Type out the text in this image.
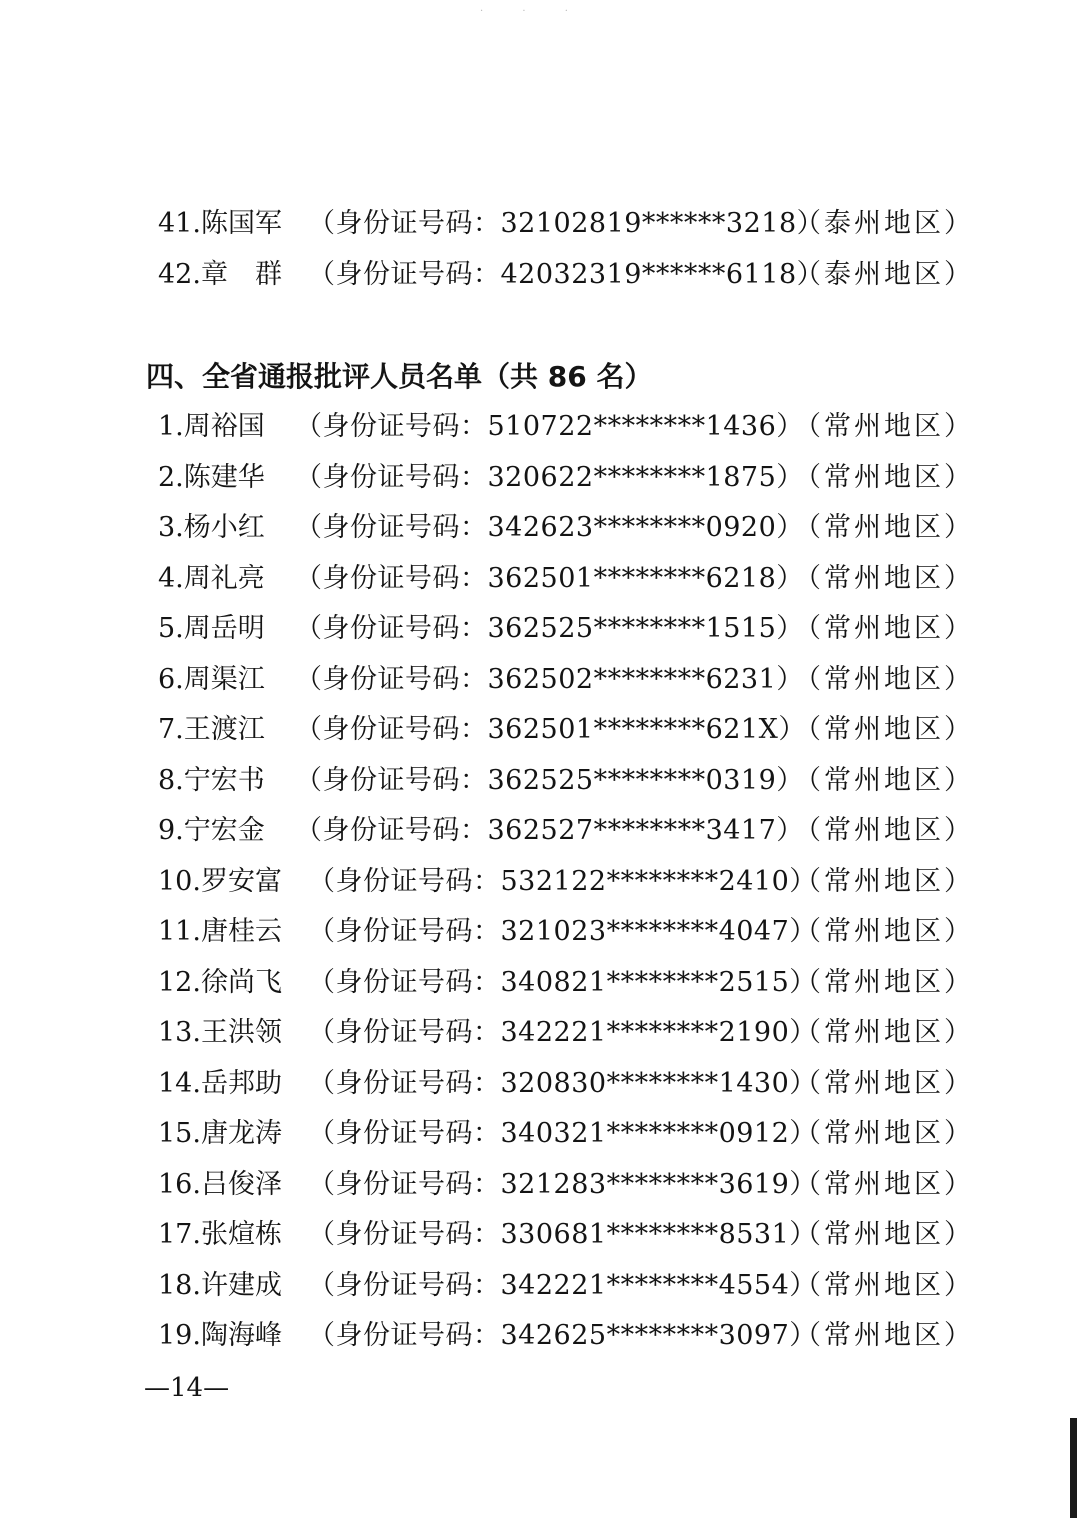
· · ·
41.陈国军 （身份证号码：32102819******3218）
（泰州地区）
42.章　群 （身份证号码：42032319******6118）
（泰州地区）
四、全省通报批评人员名单（共 86 名）
1.周裕国 （身份证号码：510722********1436）
（常州地区）
2.陈建华 （身份证号码：320622********1875）
（常州地区）
3.杨小红 （身份证号码：342623********0920）
（常州地区）
4.周礼亮 （身份证号码：362501********6218）
（常州地区）
5.周岳明 （身份证号码：362525********1515）
（常州地区）
6.周渠江 （身份证号码：362502********6231）
（常州地区）
7.王渡江 （身份证号码：362501********621X）
（常州地区）
8.宁宏书 （身份证号码：362525********0319）
（常州地区）
9.宁宏金 （身份证号码：362527********3417）
（常州地区）
10.罗安富 （身份证号码：532122********2410）
（常州地区）
11.唐桂云 （身份证号码：321023********4047）
（常州地区）
12.徐尚飞 （身份证号码：340821********2515）
（常州地区）
13.王洪领 （身份证号码：342221********2190）
（常州地区）
14.岳邦助 （身份证号码：320830********1430）
（常州地区）
15.唐龙涛 （身份证号码：340321********0912）
（常州地区）
16.吕俊泽 （身份证号码：321283********3619）
（常州地区）
17.张煊栋 （身份证号码：330681********8531）
（常州地区）
18.许建成 （身份证号码：342221********4554）
（常州地区）
19.陶海峰 （身份证号码：342625********3097）
（常州地区）
—14—
